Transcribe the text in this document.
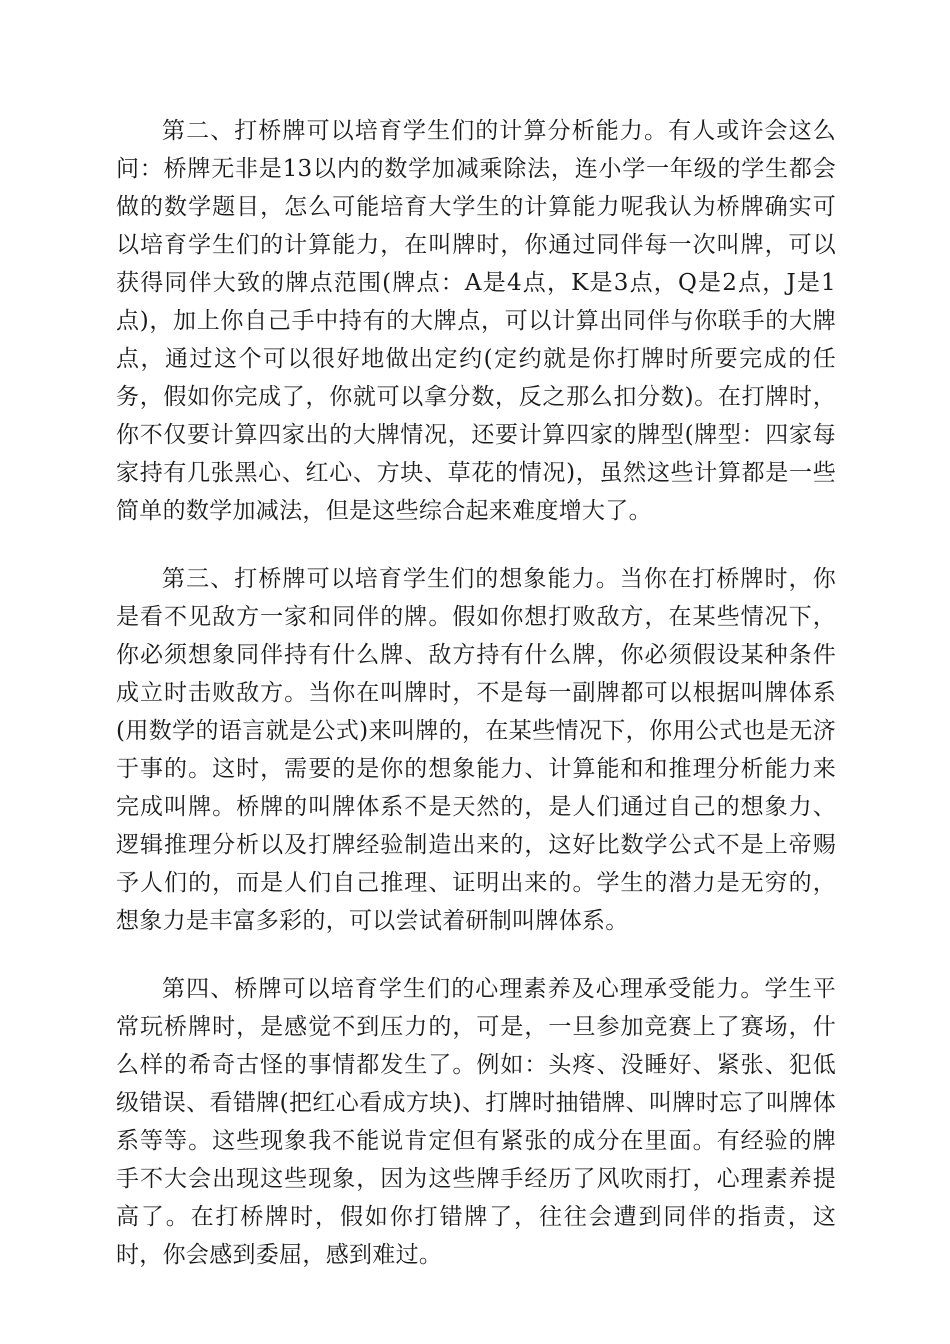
第二、打桥牌可以培育学生们的计算分析能力。有人或许会这么问：桥牌无非是13以内的数学加减乘除法，连小学一年级的学生都会做的数学题目，怎么可能培育大学生的计算能力呢我认为桥牌确实可以培育学生们的计算能力，在叫牌时，你通过同伴每一次叫牌，可以获得同伴大致的牌点范围(牌点：A是4点，K是3点，Q是2点，J是1点)，加上你自己手中持有的大牌点，可以计算出同伴与你联手的大牌点，通过这个可以很好地做出定约(定约就是你打牌时所要完成的任务，假如你完成了，你就可以拿分数，反之那么扣分数)。在打牌时，你不仅要计算四家出的大牌情况，还要计算四家的牌型(牌型：四家每家持有几张黑心、红心、方块、草花的情况)，虽然这些计算都是一些简单的数学加减法，但是这些综合起来难度增大了。

第三、打桥牌可以培育学生们的想象能力。当你在打桥牌时，你是看不见敌方一家和同伴的牌。假如你想打败敌方，在某些情况下，你必须想象同伴持有什么牌、敌方持有什么牌，你必须假设某种条件成立时击败敌方。当你在叫牌时，不是每一副牌都可以根据叫牌体系(用数学的语言就是公式)来叫牌的，在某些情况下，你用公式也是无济于事的。这时，需要的是你的想象能力、计算能和和推理分析能力来完成叫牌。桥牌的叫牌体系不是天然的，是人们通过自己的想象力、逻辑推理分析以及打牌经验制造出来的，这好比数学公式不是上帝赐予人们的，而是人们自己推理、证明出来的。学生的潜力是无穷的，想象力是丰富多彩的，可以尝试着研制叫牌体系。

第四、桥牌可以培育学生们的心理素养及心理承受能力。学生平常玩桥牌时，是感觉不到压力的，可是，一旦参加竞赛上了赛场，什么样的希奇古怪的事情都发生了。例如：头疼、没睡好、紧张、犯低级错误、看错牌(把红心看成方块)、打牌时抽错牌、叫牌时忘了叫牌体系等等。这些现象我不能说肯定但有紧张的成分在里面。有经验的牌手不大会出现这些现象，因为这些牌手经历了风吹雨打，心理素养提高了。在打桥牌时，假如你打错牌了，往往会遭到同伴的指责，这时，你会感到委屈，感到难过。
